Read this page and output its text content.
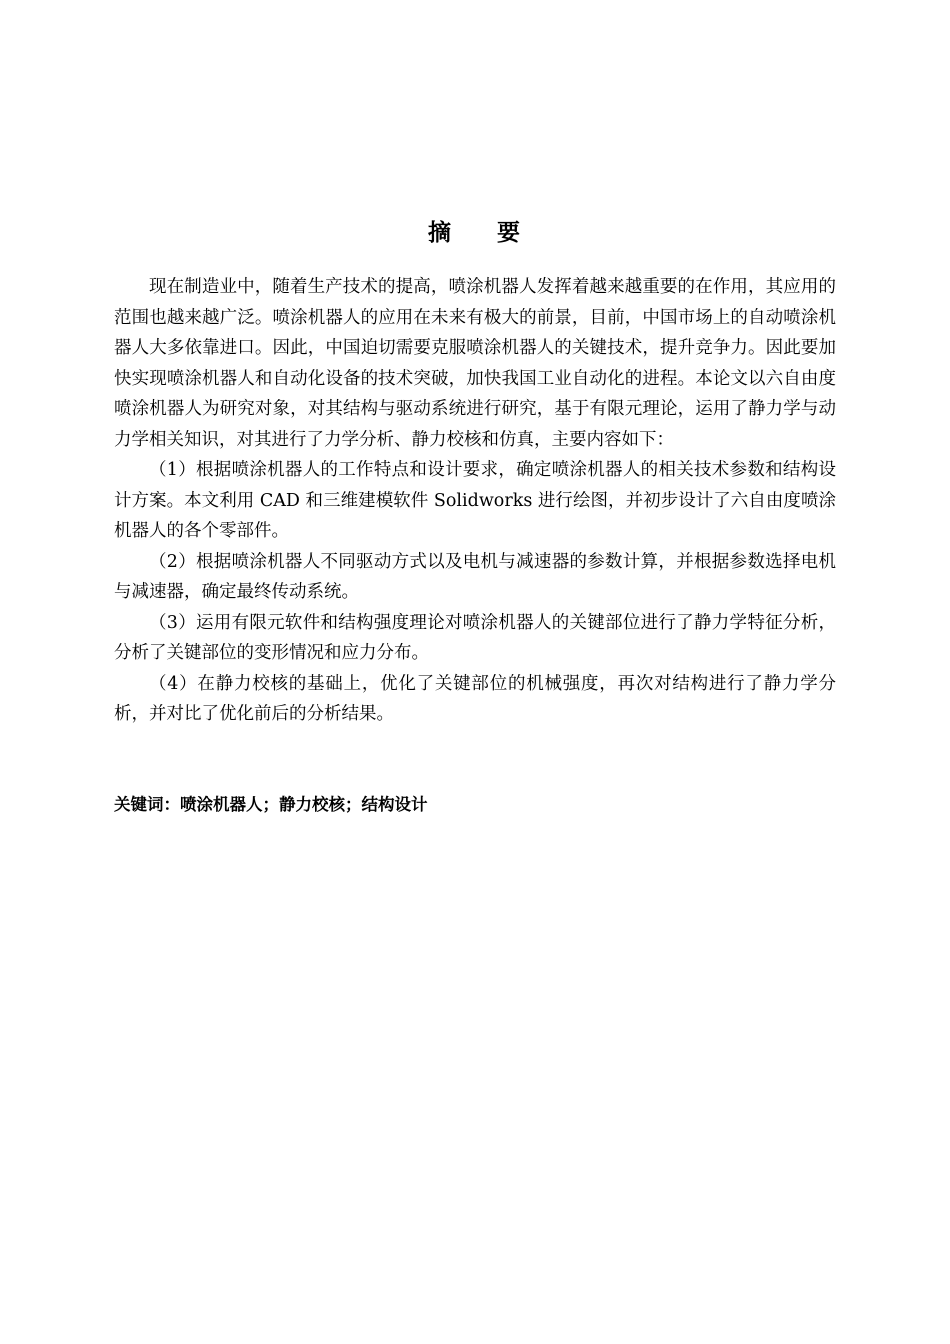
摘 要

现在制造业中，随着生产技术的提高，喷涂机器人发挥着越来越重要的在作用，其应用的范围也越来越广泛。喷涂机器人的应用在未来有极大的前景，目前，中国市场上的自动喷涂机器人大多依靠进口。因此，中国迫切需要克服喷涂机器人的关键技术，提升竞争力。因此要加快实现喷涂机器人和自动化设备的技术突破，加快我国工业自动化的进程。本论文以六自由度喷涂机器人为研究对象，对其结构与驱动系统进行研究，基于有限元理论，运用了静力学与动力学相关知识，对其进行了力学分析、静力校核和仿真，主要内容如下：

（1）根据喷涂机器人的工作特点和设计要求，确定喷涂机器人的相关技术参数和结构设计方案。本文利用 CAD 和三维建模软件 Solidworks 进行绘图，并初步设计了六自由度喷涂机器人的各个零部件。

（2）根据喷涂机器人不同驱动方式以及电机与减速器的参数计算，并根据参数选择电机与减速器，确定最终传动系统。

（3）运用有限元软件和结构强度理论对喷涂机器人的关键部位进行了静力学特征分析，分析了关键部位的变形情况和应力分布。

（4）在静力校核的基础上，优化了关键部位的机械强度，再次对结构进行了静力学分析，并对比了优化前后的分析结果。

关键词：喷涂机器人；静力校核；结构设计
